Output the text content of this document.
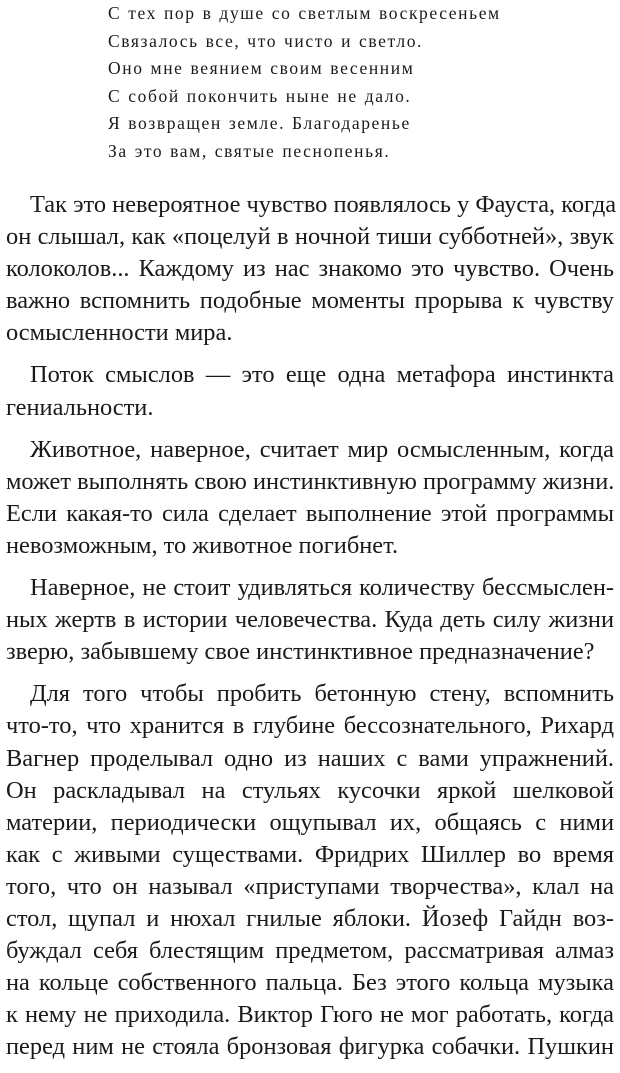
С тех пор в душе со светлым воскресеньем
Связалось все, что чисто и светло.
Оно мне веянием своим весенним
С собой покончить ныне не дало.
Я возвращен земле. Благодаренье
За это вам, святые песнопенья.
Так это невероятное чувство появлялось у Фауста, когда
он слышал, как «поцелуй в ночной тиши субботней», звук
колоколов... Каждому из нас знакомо это чувство. Очень
важно вспомнить подобные моменты прорыва к чувству
осмысленности мира.
Поток смыслов — это еще одна метафора инстинкта
гениальности.
Животное, наверное, считает мир осмысленным, когда
может выполнять свою инстинктивную программу жизни.
Если какая-то сила сделает выполнение этой программы
невозможным, то животное погибнет.
Наверное, не стоит удивляться количеству бессмыслен-
ных жертв в истории человечества. Куда деть силу жизни
зверю, забывшему свое инстинктивное предназначение?
Для того чтобы пробить бетонную стену, вспомнить
что-то, что хранится в глубине бессознательного, Рихард
Вагнер проделывал одно из наших с вами упражнений.
Он раскладывал на стульях кусочки яркой шелковой
материи, периодически ощупывал их, общаясь с ними
как с живыми существами. Фридрих Шиллер во время
того, что он называл «приступами творчества», клал на
стол, щупал и нюхал гнилые яблоки. Йозеф Гайдн воз-
буждал себя блестящим предметом, рассматривая алмаз
на кольце собственного пальца. Без этого кольца музыка
к нему не приходила. Виктор Гюго не мог работать, когда
перед ним не стояла бронзовая фигурка собачки. Пушкин
